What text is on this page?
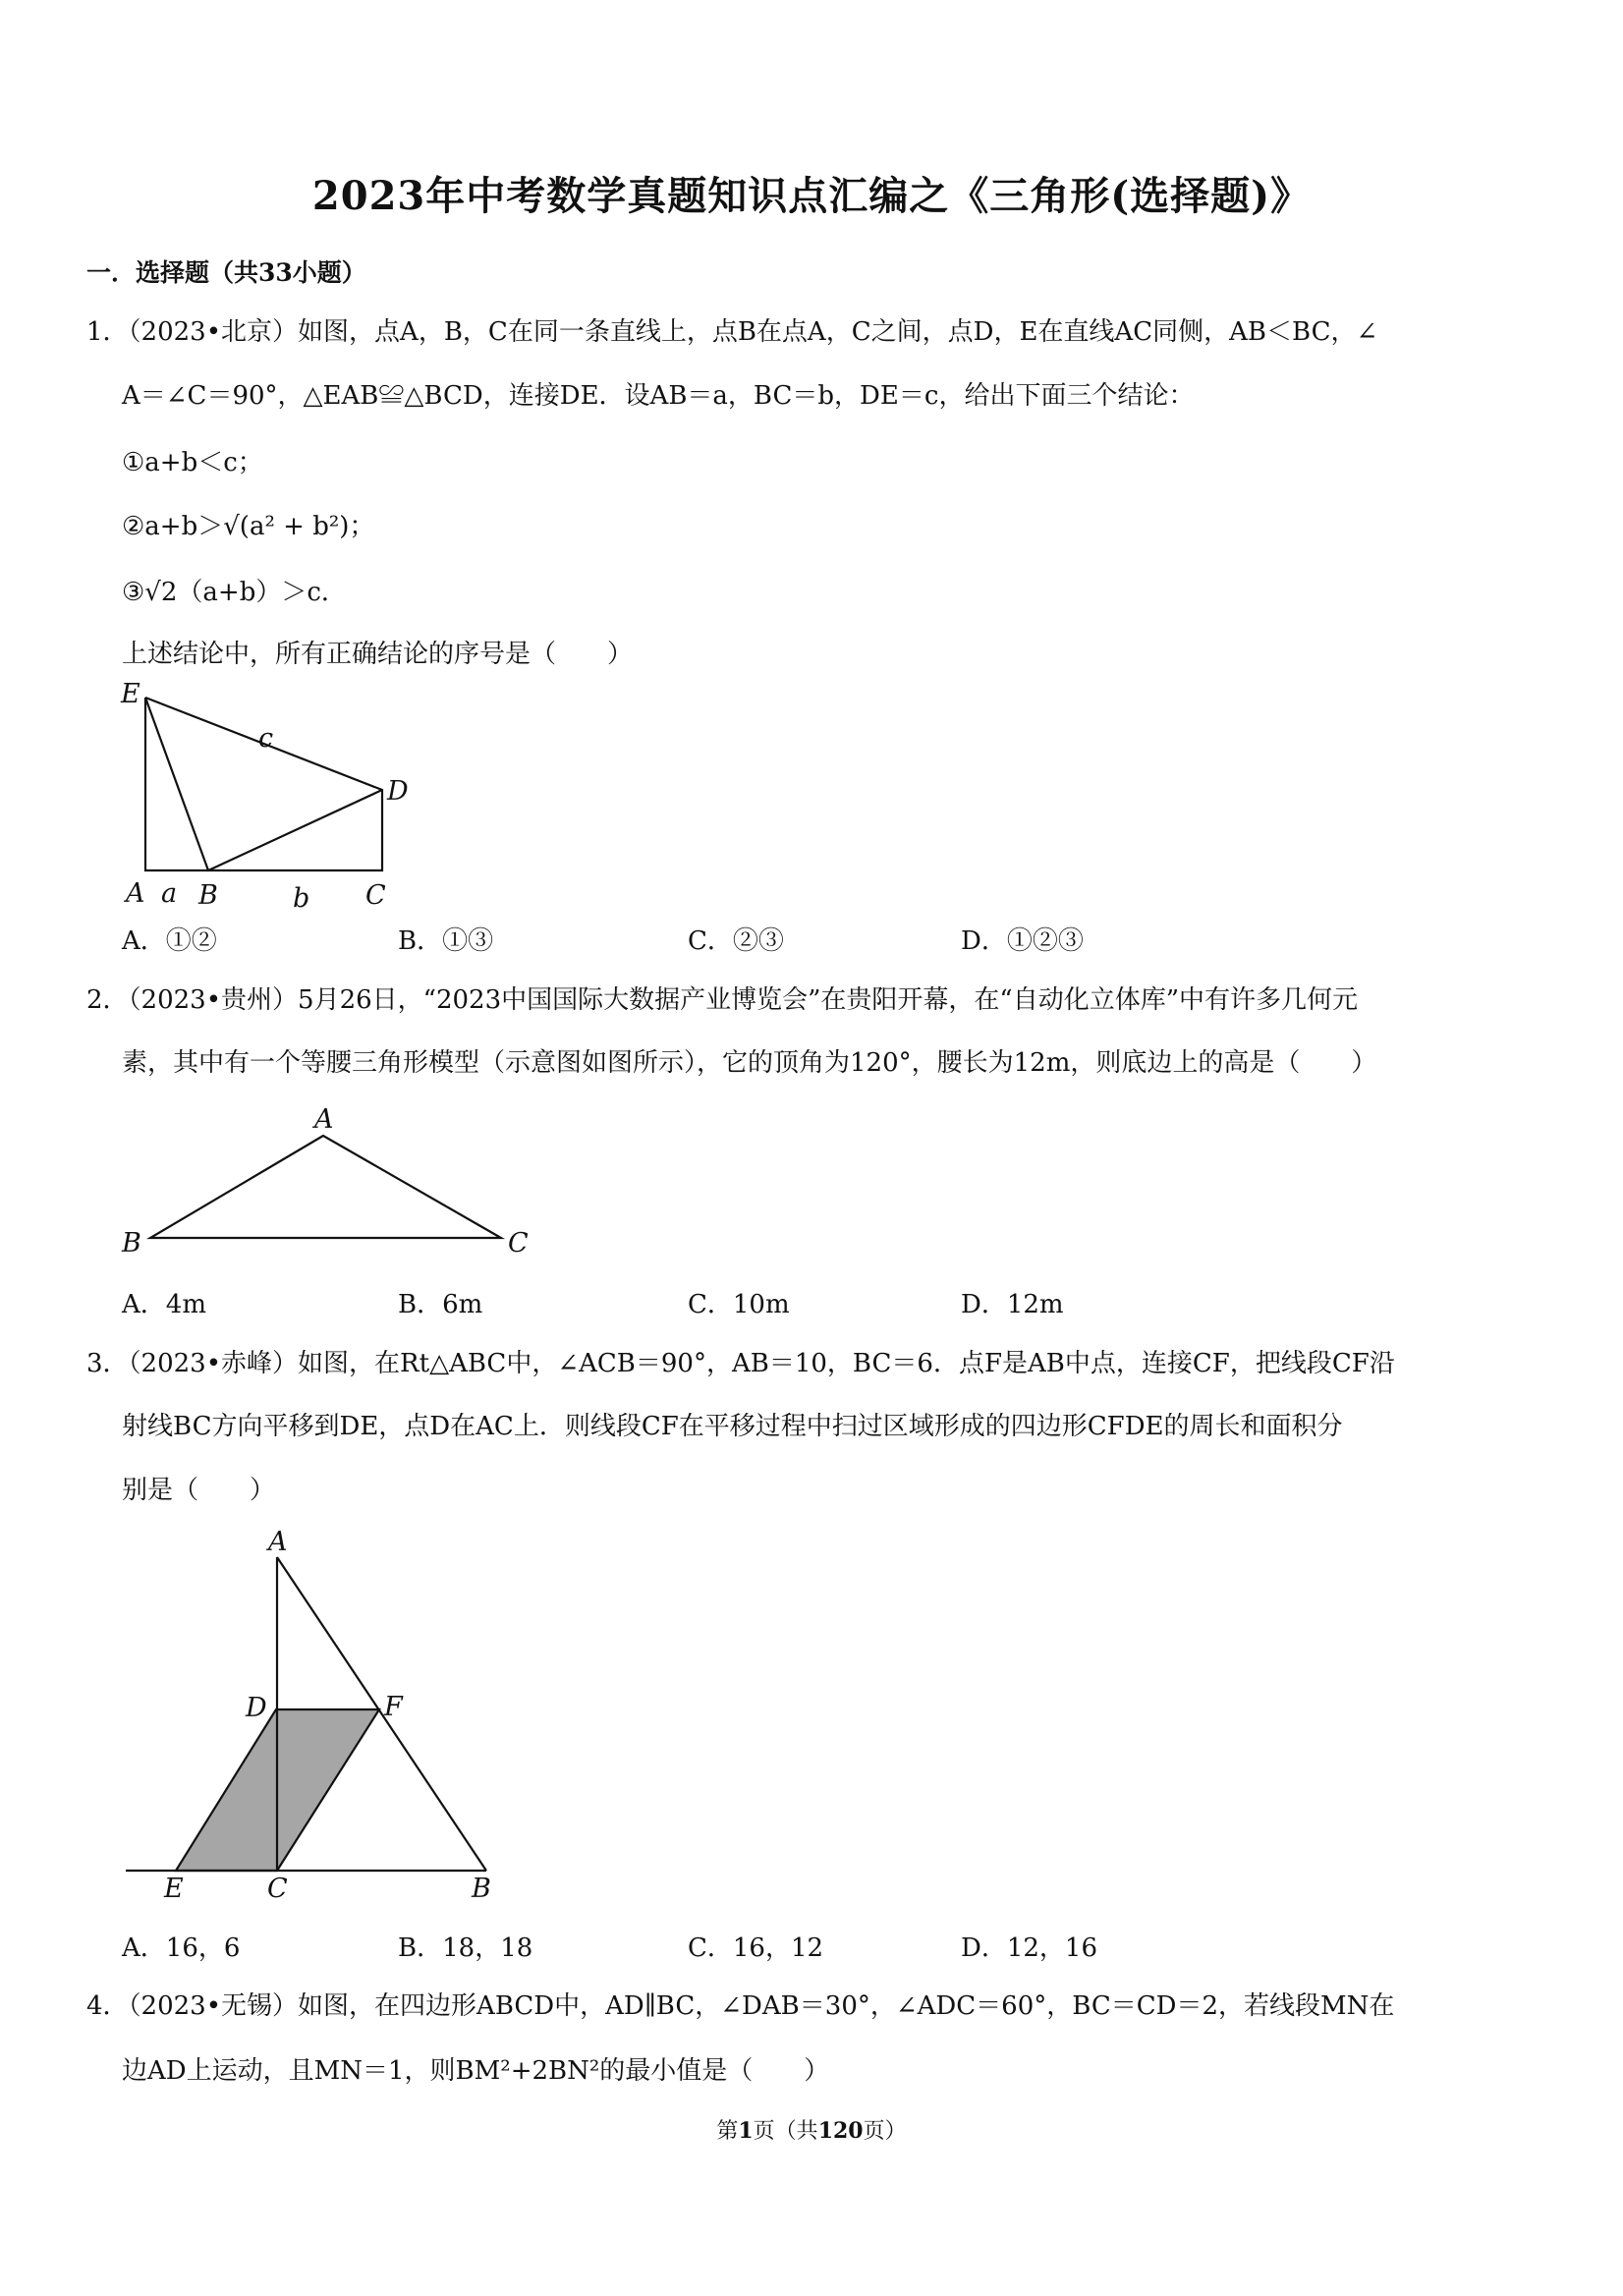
2023年中考数学真题知识点汇编之《三角形(选择题)》
一．选择题（共33小题）
1．（2023•北京）如图，点A，B，C在同一条直线上，点B在点A，C之间，点D，E在直线AC同侧，AB＜BC，∠
A＝∠C＝90°，△EAB≌△BCD，连接DE．设AB＝a，BC＝b，DE＝c，给出下面三个结论：
①a+b＜c；
②a+b＞√(a² + b²)；
③√2（a+b）＞c．
上述结论中，所有正确结论的序号是（　　）
E
c
D
A a B	b C
A．①②	B．①③	C．②③	D．①②③
2．（2023•贵州）5月26日，“2023中国国际大数据产业博览会”在贵阳开幕，在“自动化立体库”中有许多几何元
素，其中有一个等腰三角形模型（示意图如图所示），它的顶角为120°，腰长为12m，则底边上的高是（　　）
A
B	C
A．4m	B．6m	C．10m	D．12m
3．（2023•赤峰）如图，在Rt△ABC中，∠ACB＝90°，AB＝10，BC＝6．点F是AB中点，连接CF，把线段CF沿
射线BC方向平移到DE，点D在AC上．则线段CF在平移过程中扫过区域形成的四边形CFDE的周长和面积分
别是（　　）
A
D	F
E	C	B
A．16，6	B．18，18	C．16，12	D．12，16
4．（2023•无锡）如图，在四边形ABCD中，AD∥BC，∠DAB＝30°，∠ADC＝60°，BC＝CD＝2，若线段MN在
边AD上运动，且MN＝1，则BM²+2BN²的最小值是（　　）
第1页（共120页）
